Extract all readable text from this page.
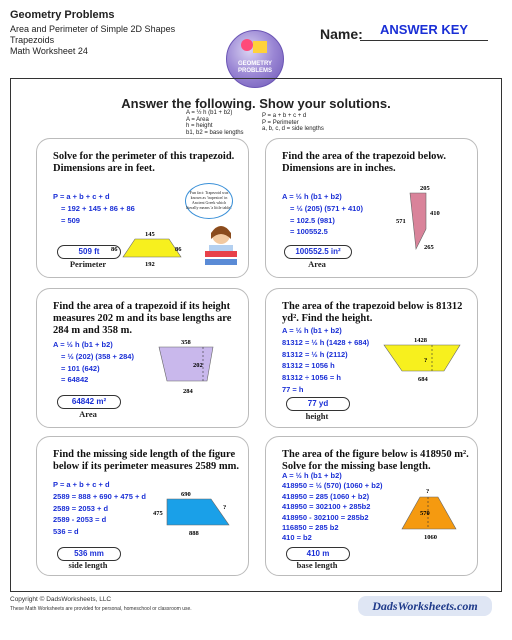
Geometry Problems
Area and Perimeter of Simple 2D Shapes
Trapezoids
Math Worksheet 24
GEOMETRY
PROBLEMS
Name:	ANSWER KEY
Answer the following. Show your solutions.
A = ½ h (b1 + b2)
A = Area
h = height
b1, b2 = base lengths
P = a + b + c + d
P = Perimeter
a, b, c, d = side lengths
Solve for the perimeter of this trapezoid. Dimensions are in feet.
P = a + b + c + d
= 192 + 145 + 86 + 86
= 509
145
86	86
192
Fun fact: Trapezoid was known as 'trapezion' in Ancient Greek which literally means 'a little table'.
509 ft
Perimeter
Find the area of the trapezoid below. Dimensions are in inches.
A = ½ h (b1 + b2)
= ½ (205) (571 + 410)
= 102.5 (981)
= 100552.5
205
571
410
265
100552.5 in²
Area
Find the area of a trapezoid if its height measures 202 m and its base lengths are 284 m and 358 m.
A = ½ h (b1 + b2)
= ½ (202) (358 + 284)
= 101 (642)
= 64842
358
202
284
64842 m²
Area
The area of the trapezoid below is 81312 yd². Find the height.
A = ½ h (b1 + b2)
81312 = ½ h (1428 + 684)
81312 = ½ h (2112)
81312 = 1056 h
81312 ÷ 1056 = h
77 = h
1428
?
684
77 yd
height
Find the missing side length of the figure below if its perimeter measures 2589 mm.
P = a + b + c + d
2589 = 888 + 690 + 475 + d
2589 = 2053 + d
2589 - 2053 = d
536 = d
690
475
?
888
536 mm
side length
The area of the figure below is 418950 m². Solve for the missing base length.
A = ½ h (b1 + b2)
418950 = ½ (570) (1060 + b2)
418950 = 285 (1060 + b2)
418950 = 302100 + 285b2
418950 - 302100 = 285b2
116850 = 285 b2
410 = b2
?
570
1060
410 m
base length
Copyright © DadsWorksheets, LLC
These Math Worksheets are provided for personal, homeschool or classroom use.	DadsWorksheets.com
